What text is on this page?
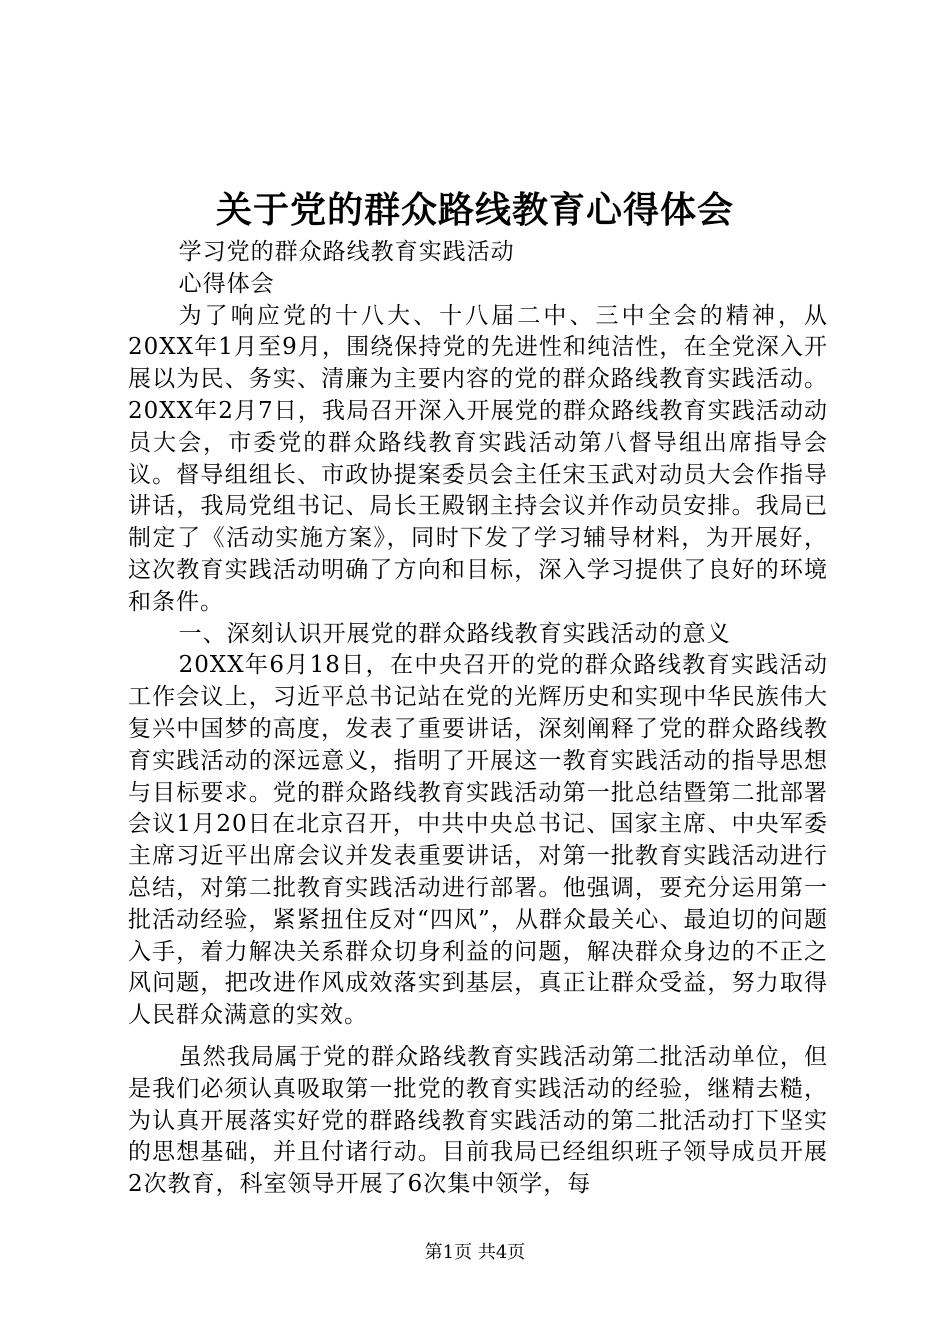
关于党的群众路线教育心得体会

学习党的群众路线教育实践活动

心得体会

为了响应党的十八大、十八届二中、三中全会的精神，从20XX年1月至9月，围绕保持党的先进性和纯洁性，在全党深入开展以为民、务实、清廉为主要内容的党的群众路线教育实践活动。20XX年2月7日，我局召开深入开展党的群众路线教育实践活动动员大会，市委党的群众路线教育实践活动第八督导组出席指导会议。督导组组长、市政协提案委员会主任宋玉武对动员大会作指导讲话，我局党组书记、局长王殿钢主持会议并作动员安排。我局已制定了《活动实施方案》，同时下发了学习辅导材料，为开展好，这次教育实践活动明确了方向和目标，深入学习提供了良好的环境和条件。

一、深刻认识开展党的群众路线教育实践活动的意义

20XX年6月18日，在中央召开的党的群众路线教育实践活动工作会议上，习近平总书记站在党的光辉历史和实现中华民族伟大复兴中国梦的高度，发表了重要讲话，深刻阐释了党的群众路线教育实践活动的深远意义，指明了开展这一教育实践活动的指导思想与目标要求。党的群众路线教育实践活动第一批总结暨第二批部署会议1月20日在北京召开，中共中央总书记、国家主席、中央军委主席习近平出席会议并发表重要讲话，对第一批教育实践活动进行总结，对第二批教育实践活动进行部署。他强调，要充分运用第一批活动经验，紧紧扭住反对“四风”，从群众最关心、最迫切的问题入手，着力解决关系群众切身利益的问题，解决群众身边的不正之风问题，把改进作风成效落实到基层，真正让群众受益，努力取得人民群众满意的实效。

虽然我局属于党的群众路线教育实践活动第二批活动单位，但是我们必须认真吸取第一批党的教育实践活动的经验，继精去糙，为认真开展落实好党的群路线教育实践活动的第二批活动打下坚实的思想基础，并且付诸行动。目前我局已经组织班子领导成员开展2次教育，科室领导开展了6次集中领学，每

第1页 共4页
